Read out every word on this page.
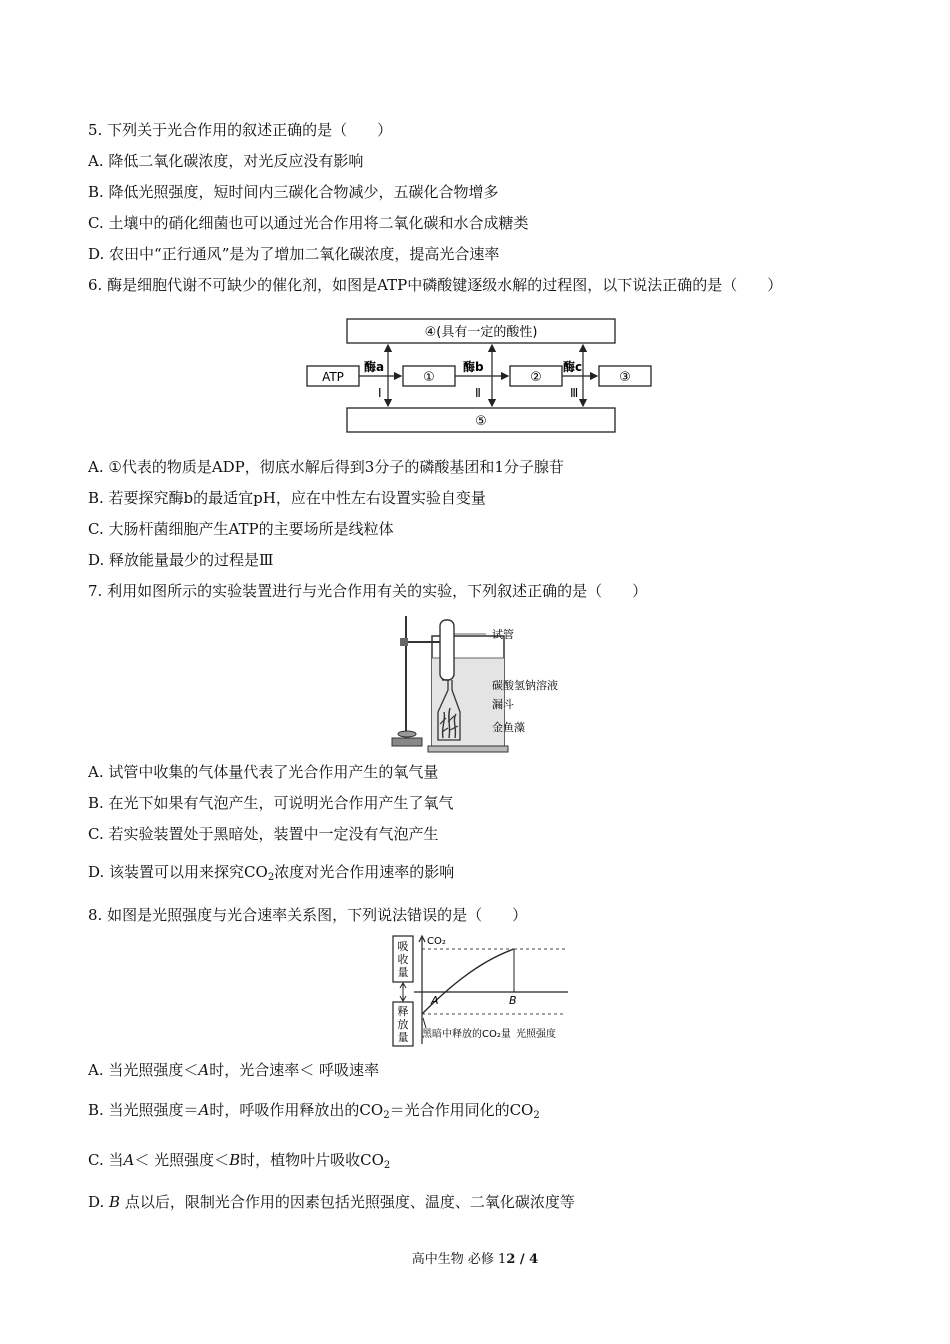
5. 下列关于光合作用的叙述正确的是（　　）
A. 降低二氧化碳浓度，对光反应没有影响
B. 降低光照强度，短时间内三碳化合物减少，五碳化合物增多
C. 土壤中的硝化细菌也可以通过光合作用将二氧化碳和水合成糖类
D. 农田中“正行通风”是为了增加二氧化碳浓度，提高光合速率
6. 酶是细胞代谢不可缺少的催化剂，如图是ATP中磷酸键逐级水解的过程图，以下说法正确的是（　　）
④(具有一定的酸性)
⑤
ATP	①	②	③
酶a	酶b	酶c
Ⅰ	Ⅱ	Ⅲ
A. ①代表的物质是ADP，彻底水解后得到3分子的磷酸基团和1分子腺苷
B. 若要探究酶b的最适宜pH，应在中性左右设置实验自变量
C. 大肠杆菌细胞产生ATP的主要场所是线粒体
D. 释放能量最少的过程是Ⅲ
7. 利用如图所示的实验装置进行与光合作用有关的实验，下列叙述正确的是（　　）
试管
碳酸氢钠溶液
漏斗
金鱼藻
A. 试管中收集的气体量代表了光合作用产生的氧气量
B. 在光下如果有气泡产生，可说明光合作用产生了氧气
C. 若实验装置处于黑暗处，装置中一定没有气泡产生
D. 该装置可以用来探究$CO_2$浓度对光合作用速率的影响
8. 如图是光照强度与光合速率关系图，下列说法错误的是（　　）
吸
收
量
释
放
量
CO₂
A	B
黑暗中释放的CO₂量 光照强度
A. 当光照强度＜A时，光合速率＜ 呼吸速率
B. 当光照强度＝A时，呼吸作用释放出的$CO_2=$光合作用同化的$CO_2$
C. 当A＜ 光照强度＜B时，植物叶片吸收$CO_2$
D. B 点以后，限制光合作用的因素包括光照强度、温度、二氧化碳浓度等
高中生物 必修 12 / 4
